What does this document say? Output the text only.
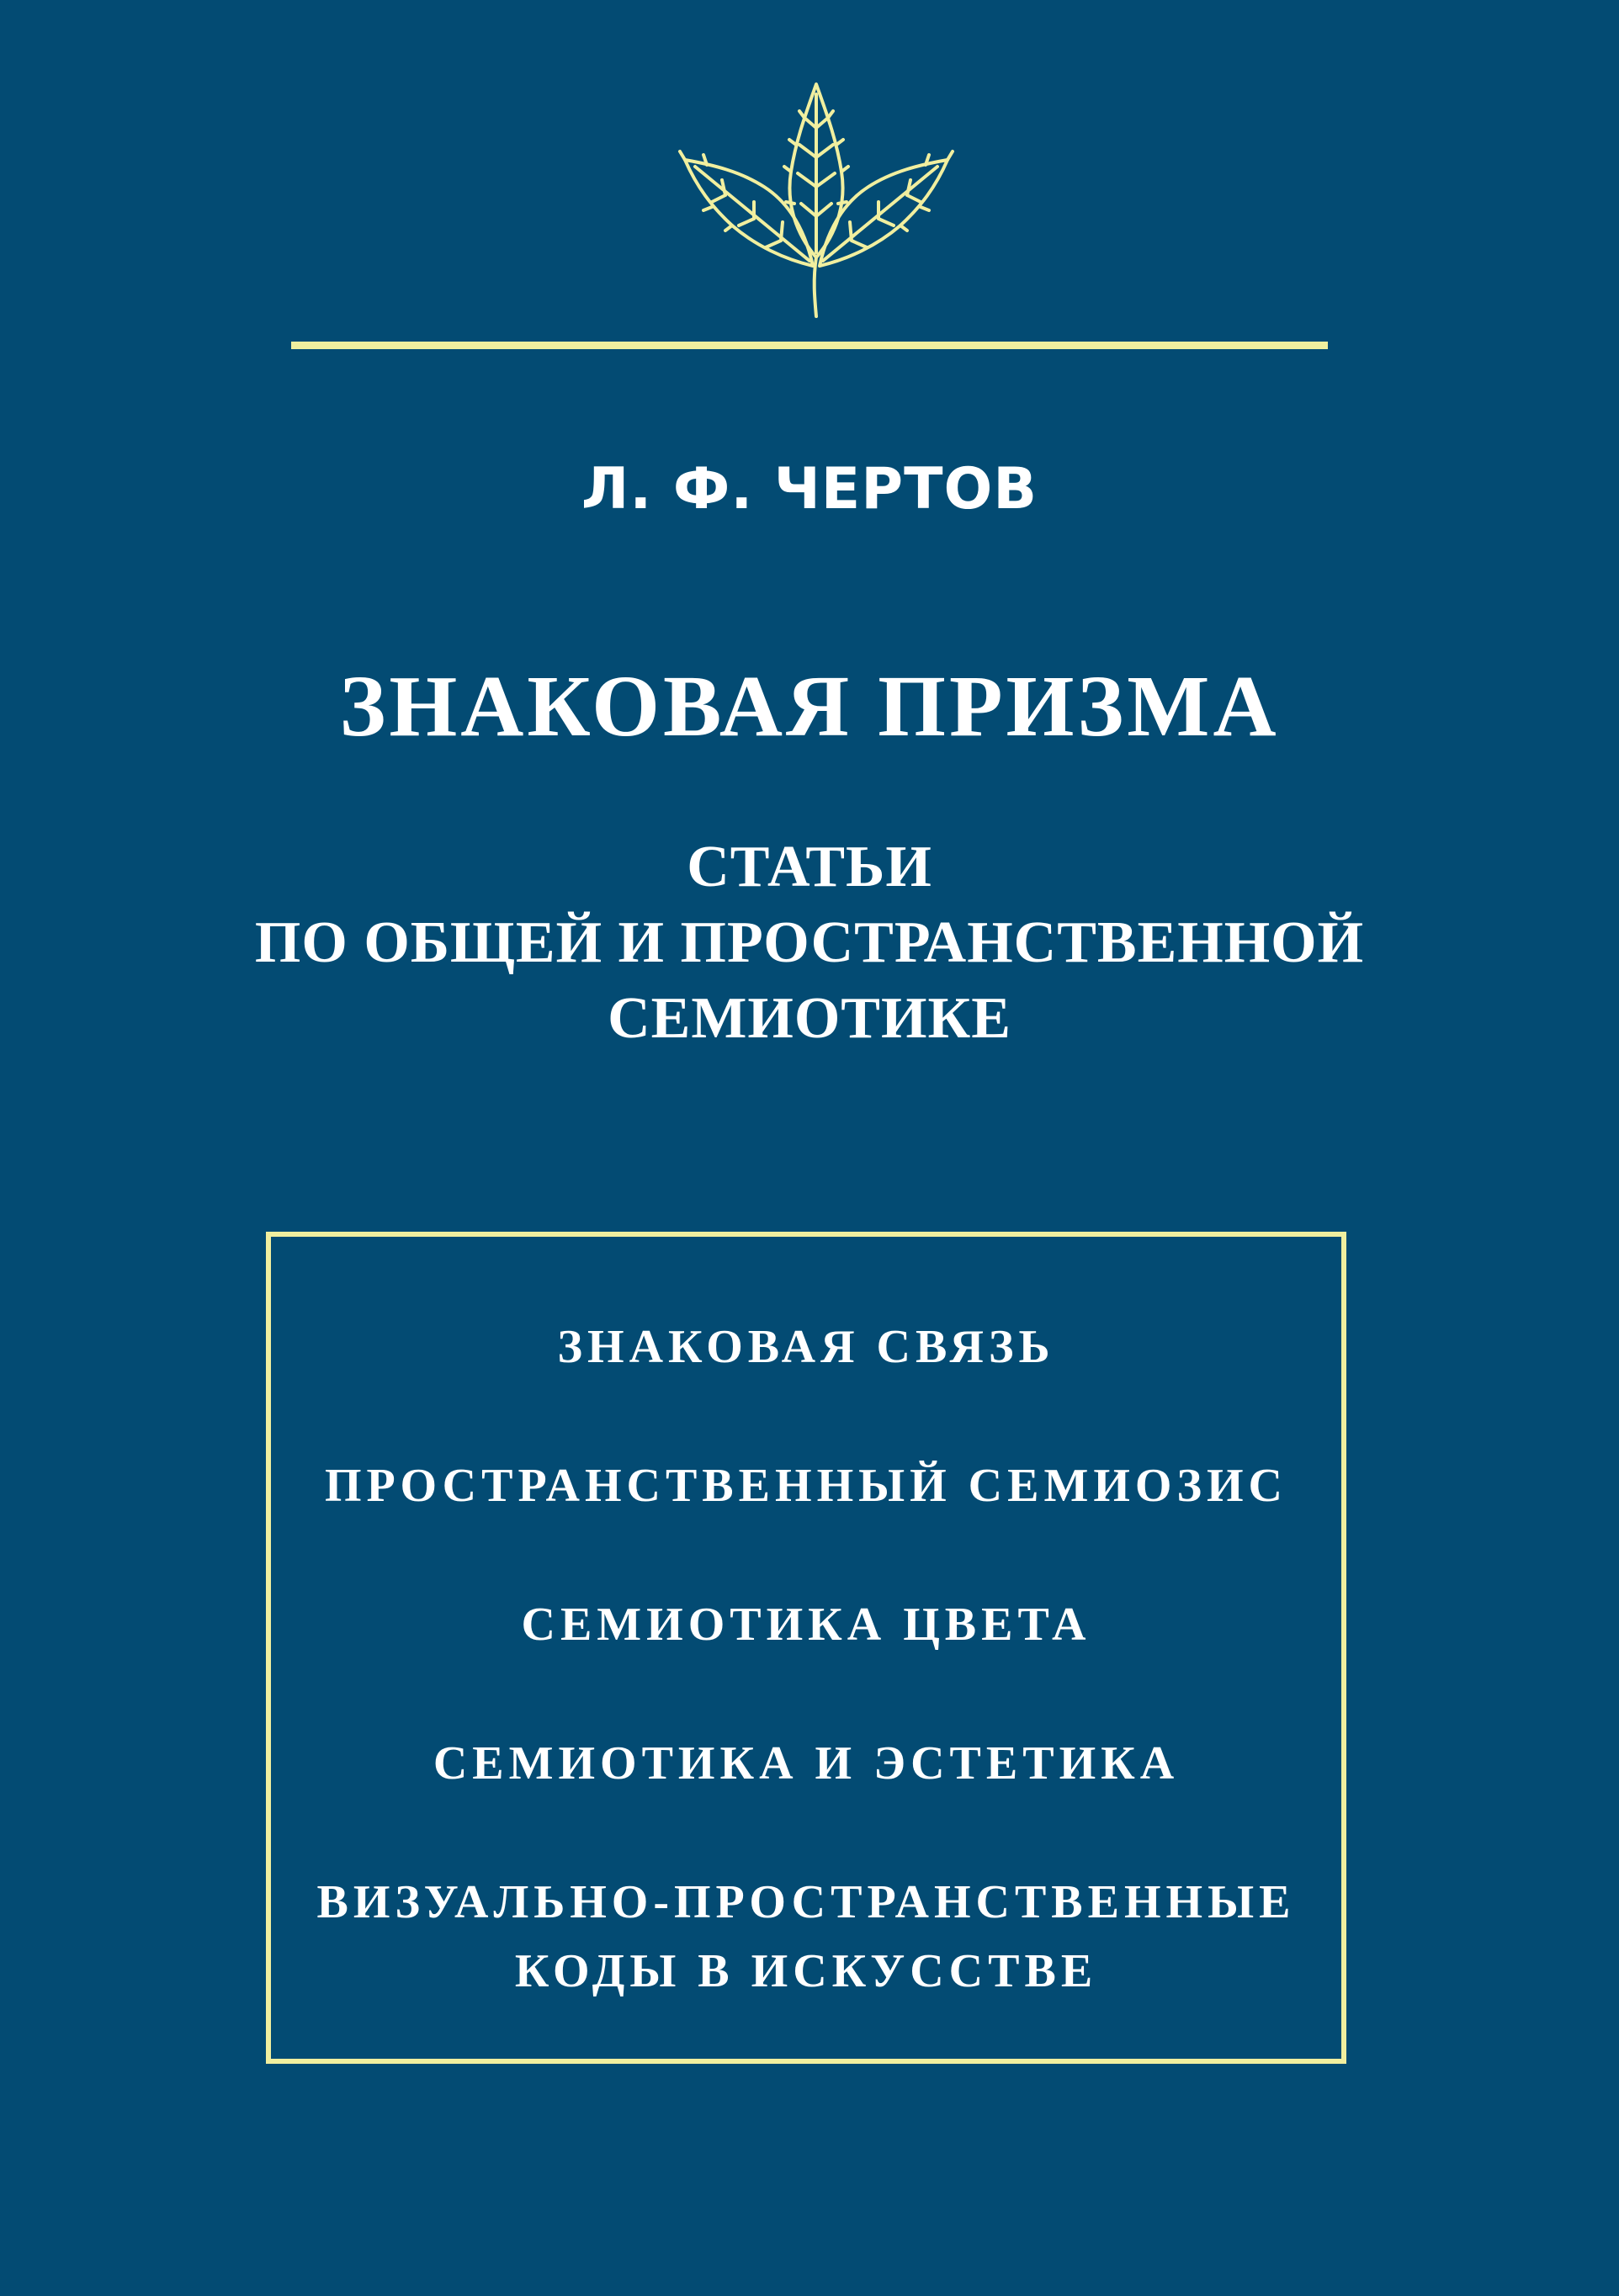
Л. Ф. ЧЕРТОВ
ЗНАКОВАЯ ПРИЗМА
СТАТЬИ
ПО ОБЩЕЙ И ПРОСТРАНСТВЕННОЙ
СЕМИОТИКЕ
ЗНАКОВАЯ СВЯЗЬ
ПРОСТРАНСТВЕННЫЙ СЕМИОЗИС
СЕМИОТИКА ЦВЕТА
СЕМИОТИКА И ЭСТЕТИКА
ВИЗУАЛЬНО-ПРОСТРАНСТВЕННЫЕ
КОДЫ В ИСКУССТВЕ
